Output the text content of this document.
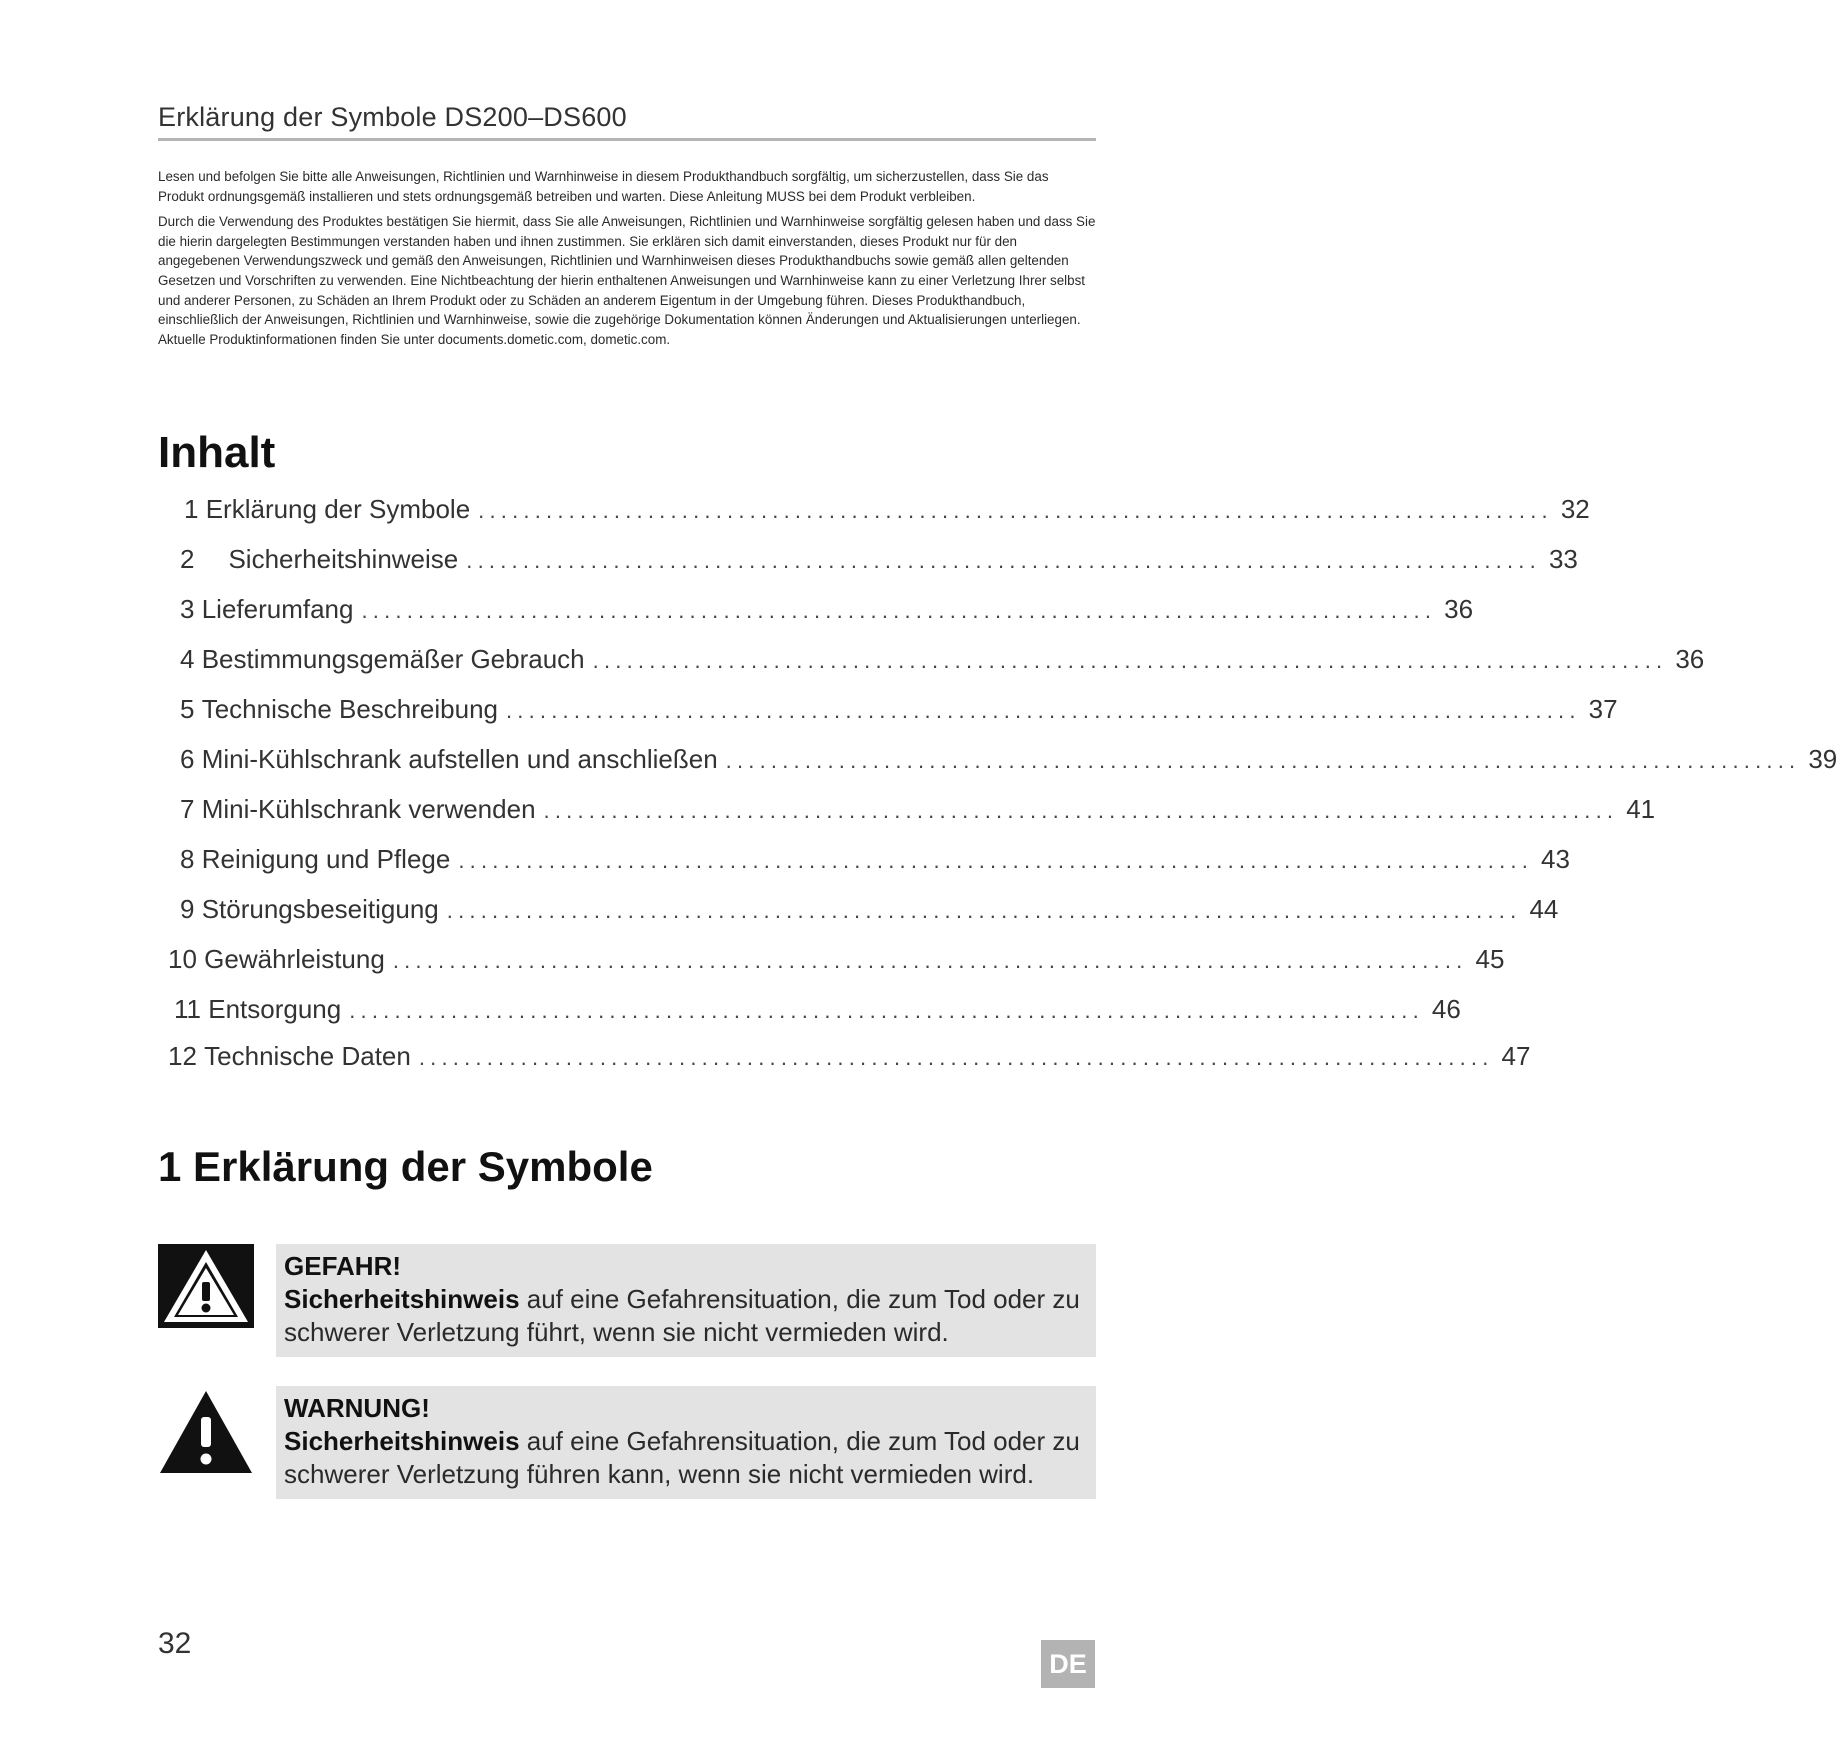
Erklärung der Symbole DS200–DS600

Lesen und befolgen Sie bitte alle Anweisungen, Richtlinien und Warnhinweise in diesem Produkthandbuch sorgfältig, um sicherzustellen, dass Sie das Produkt ordnungsgemäß installieren und stets ordnungsgemäß betreiben und warten. Diese Anleitung MUSS bei dem Produkt verbleiben.

Durch die Verwendung des Produktes bestätigen Sie hiermit, dass Sie alle Anweisungen, Richtlinien und Warnhinweise sorgfältig gelesen haben und dass Sie die hierin dargelegten Bestimmungen verstanden haben und ihnen zustimmen. Sie erklären sich damit einverstanden, dieses Produkt nur für den angegebenen Verwendungszweck und gemäß den Anweisungen, Richtlinien und Warnhinweisen dieses Produkthandbuchs sowie gemäß allen geltenden Gesetzen und Vorschriften zu verwenden. Eine Nichtbeachtung der hierin enthaltenen Anweisungen und Warnhinweise kann zu einer Verletzung Ihrer selbst und anderer Personen, zu Schäden an Ihrem Produkt oder zu Schäden an anderem Eigentum in der Umgebung führen. Dieses Produkthandbuch, einschließlich der Anweisungen, Richtlinien und Warnhinweise, sowie die zugehörige Dokumentation können Änderungen und Aktualisierungen unterliegen. Aktuelle Produktinformationen finden Sie unter documents.dometic.com, dometic.com.

Inhalt
1
Erklärung der Symbole ............................................................................................... 32
2 Sicherheitshinweise ............................................................................................... 33
3
Lieferumfang ............................................................................................... 36
4
Bestimmungsgemäßer Gebrauch ............................................................................................... 36
5
Technische Beschreibung ............................................................................................... 37
6
Mini-Kühlschrank aufstellen und anschließen ............................................................................................... 39
7
Mini-Kühlschrank verwenden ............................................................................................... 41
8
Reinigung und Pflege ............................................................................................... 43
9
Störungsbeseitigung ............................................................................................... 44
10
Gewährleistung ............................................................................................... 45
11
Entsorgung ............................................................................................... 46
12
Technische Daten ............................................................................................... 47
1 Erklärung der Symbole
GEFAHR!
Sicherheitshinweis auf eine Gefahrensituation, die zum Tod oder zu schwerer Verletzung führt, wenn sie nicht vermieden wird.
WARNUNG!
Sicherheitshinweis auf eine Gefahrensituation, die zum Tod oder zu schwerer Verletzung führen kann, wenn sie nicht vermieden wird.
32
DE
